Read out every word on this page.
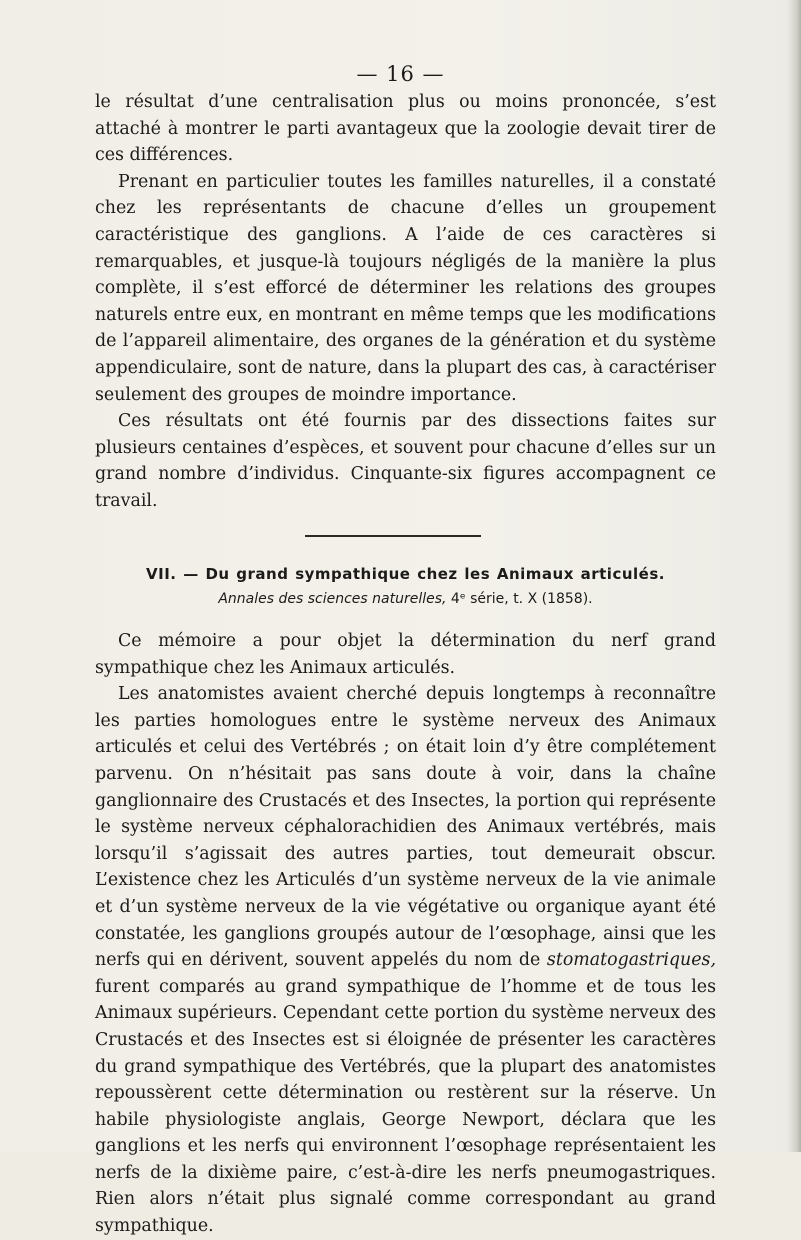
— 16 —

le résultat d’une centralisation plus ou moins prononcée, s’est attaché à montrer le parti avantageux que la zoologie devait tirer de ces différences.

Prenant en particulier toutes les familles naturelles, il a constaté chez les représentants de chacune d’elles un groupement caractéristique des ganglions. A l’aide de ces caractères si remarquables, et jusque-là toujours négligés de la manière la plus complète, il s’est efforcé de déterminer les relations des groupes naturels entre eux, en montrant en même temps que les modifications de l’appareil alimentaire, des organes de la génération et du système appendiculaire, sont de nature, dans la plupart des cas, à caractériser seulement des groupes de moindre importance.

Ces résultats ont été fournis par des dissections faites sur plusieurs centaines d’espèces, et souvent pour chacune d’elles sur un grand nombre d’individus. Cinquante-six figures accompagnent ce travail.

VII. — Du grand sympathique chez les Animaux articulés.
Annales des sciences naturelles, 4ᵉ série, t. X (1858).

Ce mémoire a pour objet la détermination du nerf grand sympathique chez les Animaux articulés.

Les anatomistes avaient cherché depuis longtemps à reconnaître les parties homologues entre le système nerveux des Animaux articulés et celui des Vertébrés ; on était loin d’y être complétement parvenu. On n’hésitait pas sans doute à voir, dans la chaîne ganglionnaire des Crustacés et des Insectes, la portion qui représente le système nerveux céphalorachidien des Animaux vertébrés, mais lorsqu’il s’agissait des autres parties, tout demeurait obscur. L’existence chez les Articulés d’un système nerveux de la vie animale et d’un système nerveux de la vie végétative ou organique ayant été constatée, les ganglions groupés autour de l’œsophage, ainsi que les nerfs qui en dérivent, souvent appelés du nom de stomatogastriques, furent comparés au grand sympathique de l’homme et de tous les Animaux supérieurs. Cependant cette portion du système nerveux des Crustacés et des Insectes est si éloignée de présenter les caractères du grand sympathique des Vertébrés, que la plupart des anatomistes repoussèrent cette détermination ou restèrent sur la réserve. Un habile physiologiste anglais, George Newport, déclara que les ganglions et les nerfs qui environnent l’œsophage représentaient les nerfs de la dixième paire, c’est-à-dire les nerfs pneumogastriques. Rien alors n’était plus signalé comme correspondant au grand sympathique.
